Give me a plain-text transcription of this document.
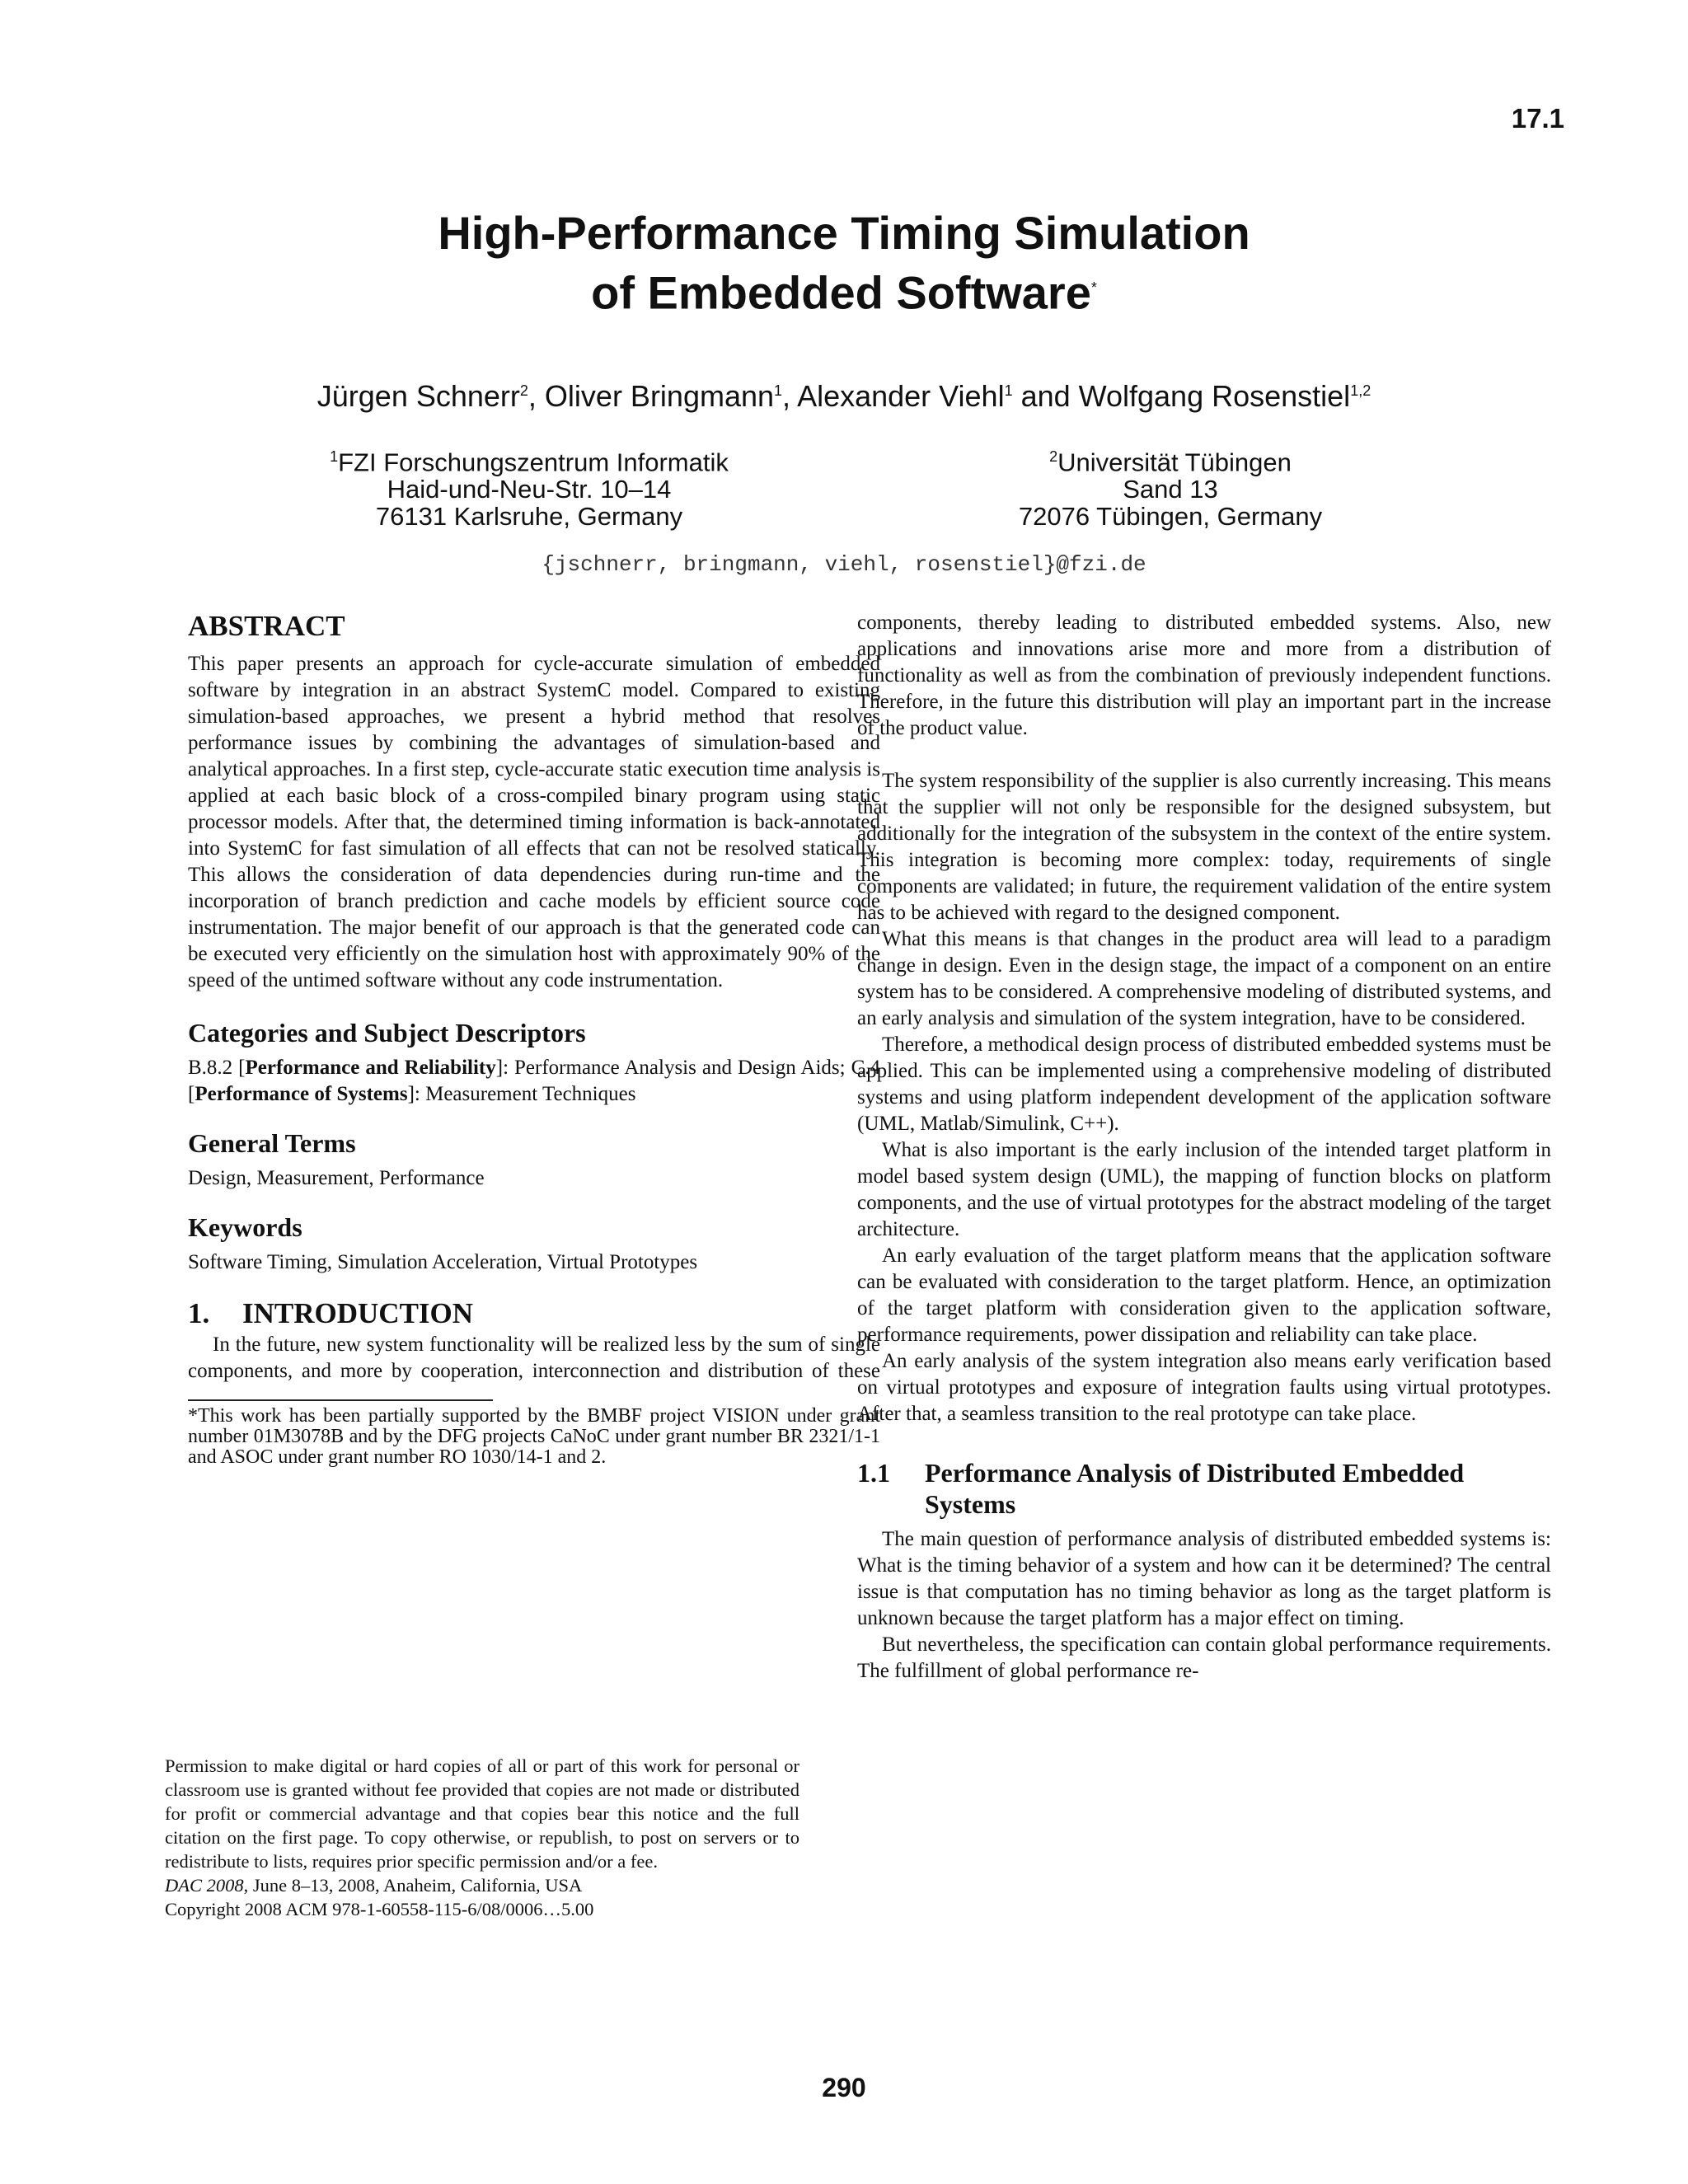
17.1
High-Performance Timing Simulation
of Embedded Software*
Jürgen Schnerr$^2$, Oliver Bringmann$^1$, Alexander Viehl$^1$ and Wolfgang Rosenstiel$^{1,2}$
$^1$FZI Forschungszentrum Informatik
Haid-und-Neu-Str. 10–14
76131 Karlsruhe, Germany
$^2$Universität Tübingen
Sand 13
72076 Tübingen, Germany
{jschnerr, bringmann, viehl, rosenstiel}@fzi.de
ABSTRACT

This paper presents an approach for cycle-accurate simulation of embedded software by integration in an abstract SystemC model. Compared to existing simulation-based approaches, we present a hybrid method that resolves performance issues by combining the advantages of simulation-based and analytical approaches. In a first step, cycle-accurate static execution time analysis is applied at each basic block of a cross-compiled binary program using static processor models. After that, the determined timing information is back-annotated into SystemC for fast simulation of all effects that can not be resolved statically. This allows the consideration of data dependencies during run-time and the incorporation of branch prediction and cache models by efficient source code instrumentation. The major benefit of our approach is that the generated code can be executed very efficiently on the simulation host with approximately 90% of the speed of the untimed software without any code instrumentation.

Categories and Subject Descriptors

B.8.2 [Performance and Reliability]: Performance Analysis and Design Aids; C.4 [Performance of Systems]: Measurement Techniques

General Terms

Design, Measurement, Performance

Keywords

Software Timing, Simulation Acceleration, Virtual Prototypes

1. INTRODUCTION
In the future, new system functionality will be realized less by the sum of single components, and more by cooperation, interconnection and distribution of these
*This work has been partially supported by the BMBF project VISION under grant number 01M3078B and by the DFG projects CaNoC under grant number BR 2321/1-1 and ASOC under grant number RO 1030/14-1 and 2.

Permission to make digital or hard copies of all or part of this work for personal or classroom use is granted without fee provided that copies are not made or distributed for profit or commercial advantage and that copies bear this notice and the full citation on the first page. To copy otherwise, or republish, to post on servers or to redistribute to lists, requires prior specific permission and/or a fee.

DAC 2008, June 8–13, 2008, Anaheim, California, USA

Copyright 2008 ACM 978-1-60558-115-6/08/0006…5.00

components, thereby leading to distributed embedded systems. Also, new applications and innovations arise more and more from a distribution of functionality as well as from the combination of previously independent functions. Therefore, in the future this distribution will play an important part in the increase of the product value.

The system responsibility of the supplier is also currently increasing. This means that the supplier will not only be responsible for the designed subsystem, but additionally for the integration of the subsystem in the context of the entire system. This integration is becoming more complex: today, requirements of single components are validated; in future, the requirement validation of the entire system has to be achieved with regard to the designed component.

What this means is that changes in the product area will lead to a paradigm change in design. Even in the design stage, the impact of a component on an entire system has to be considered. A comprehensive modeling of distributed systems, and an early analysis and simulation of the system integration, have to be considered.

Therefore, a methodical design process of distributed embedded systems must be applied. This can be implemented using a comprehensive modeling of distributed systems and using platform independent development of the application software (UML, Matlab/Simulink, C++).

What is also important is the early inclusion of the intended target platform in model based system design (UML), the mapping of function blocks on platform components, and the use of virtual prototypes for the abstract modeling of the target architecture.

An early evaluation of the target platform means that the application software can be evaluated with consideration to the target platform. Hence, an optimization of the target platform with consideration given to the application software, performance requirements, power dissipation and reliability can take place.

An early analysis of the system integration also means early verification based on virtual prototypes and exposure of integration faults using virtual prototypes. After that, a seamless transition to the real prototype can take place.

1.1	Performance Analysis of Distributed Embedded Systems

The main question of performance analysis of distributed embedded systems is: What is the timing behavior of a system and how can it be determined? The central issue is that computation has no timing behavior as long as the target platform is unknown because the target platform has a major effect on timing.

But nevertheless, the specification can contain global performance requirements. The fulfillment of global performance re-

290
